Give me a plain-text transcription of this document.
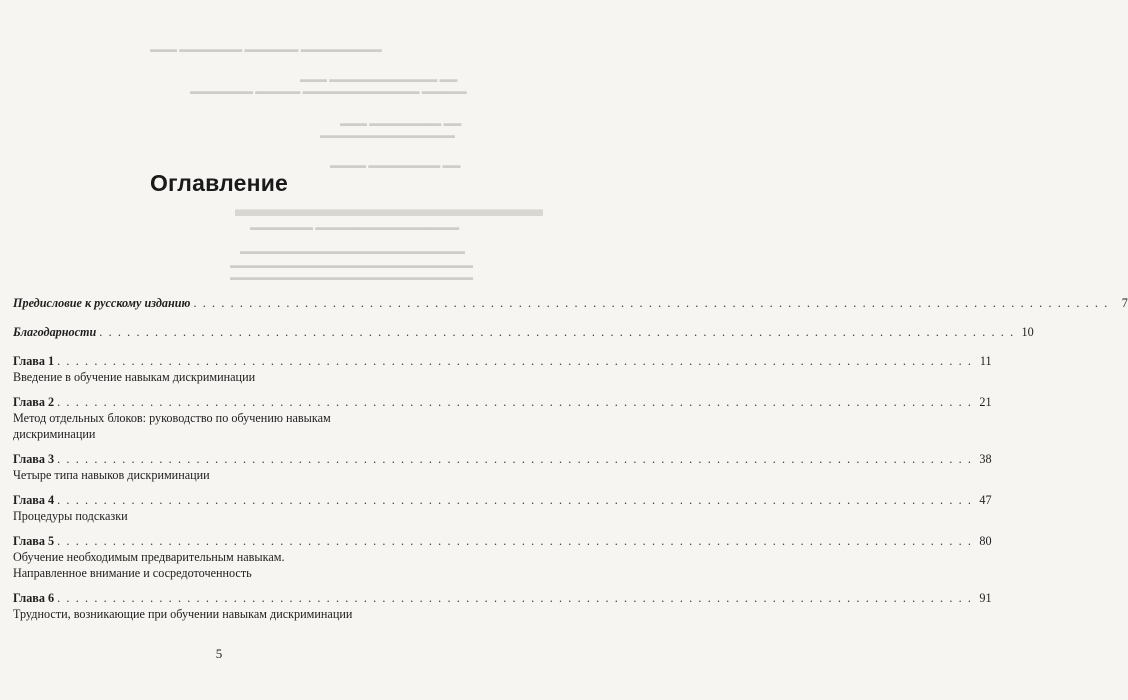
▬▬▬ ▬▬▬▬▬▬▬ ▬▬▬▬▬▬ ▬▬▬▬▬▬▬▬▬
▬▬▬ ▬▬▬▬▬▬▬▬▬▬▬▬ ▬▬
▬▬▬▬▬▬▬ ▬▬▬▬▬ ▬▬▬▬▬▬▬▬▬▬▬▬▬ ▬▬▬▬▬
▬▬▬ ▬▬▬▬▬▬▬▬ ▬▬
▬▬▬▬▬▬▬▬▬▬▬▬▬▬▬
▬▬▬▬ ▬▬▬▬▬▬▬▬ ▬▬
▬▬▬▬▬▬▬▬▬▬▬▬▬▬
▬▬▬▬▬▬▬ ▬▬▬▬▬▬▬▬▬▬▬▬▬▬▬▬
▬▬▬▬▬▬▬▬▬▬▬▬▬▬▬▬▬▬▬▬▬▬▬▬▬
▬▬▬▬▬▬▬▬▬▬▬▬▬▬▬▬▬▬▬▬▬▬▬▬▬▬▬
▬▬▬▬▬▬▬▬▬▬▬▬▬▬▬▬▬▬▬▬▬▬▬▬▬▬▬
Оглавление
Предисловие к русскому изданию . . .	7
Благодарности . . .	10
Глава 1 . . .	11
Введение в обучение навыкам дискриминации
Глава 2 . . .	21
Метод отдельных блоков: руководство по обучению навыкам
дискриминации
Глава 3 . . .	38
Четыре типа навыков дискриминации
Глава 4 . . .	47
Процедуры подсказки
Глава 5 . . .	80
Обучение необходимым предварительным навыкам.
Направленное внимание и сосредоточенность
Глава 6 . . .	91
Трудности, возникающие при обучении навыкам дискриминации
5
